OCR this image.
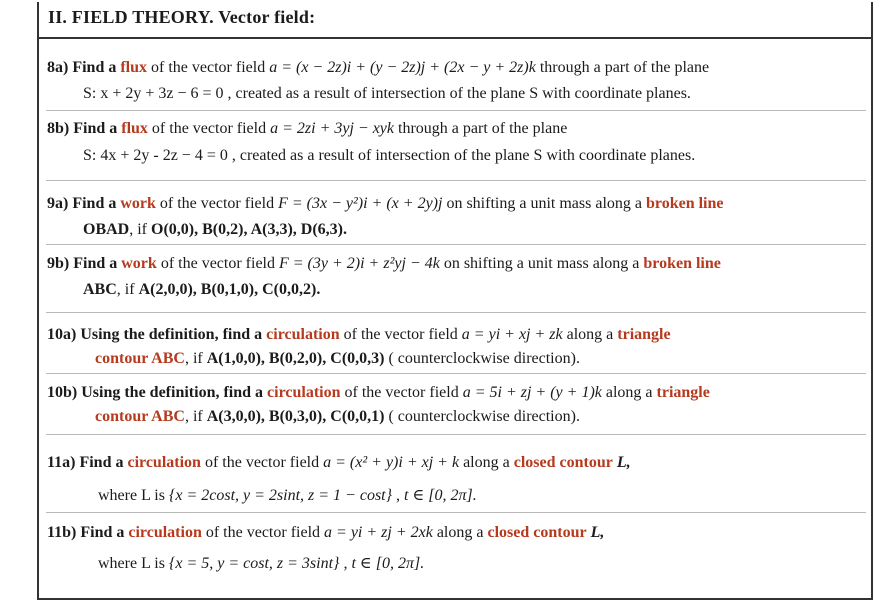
II. FIELD THEORY. Vector field:
8a) Find a flux of the vector field a = (x − 2z)i + (y − 2z)j + (2x − y + 2z)k through a part of the plane
S: x + 2y + 3z − 6 = 0 , created as a result of intersection of the plane S with coordinate planes.
8b) Find a flux of the vector field a = 2zi + 3yj − xyk through a part of the plane
S: 4x + 2y - 2z − 4 = 0 , created as a result of intersection of the plane S with coordinate planes.
9a) Find a work of the vector field F = (3x − y²)i + (x + 2y)j on shifting a unit mass along a broken line
OBAD, if O(0,0), B(0,2), A(3,3), D(6,3).
9b) Find a work of the vector field F = (3y + 2)i + z²yj − 4k on shifting a unit mass along a broken line
ABC, if A(2,0,0), B(0,1,0), C(0,0,2).
10a) Using the definition, find a circulation of the vector field a = yi + xj + zk along a triangle
contour ABC, if A(1,0,0), B(0,2,0), C(0,0,3) ( counterclockwise direction).
10b) Using the definition, find a circulation of the vector field a = 5i + zj + (y + 1)k along a triangle
contour ABC, if A(3,0,0), B(0,3,0), C(0,0,1) ( counterclockwise direction).
11a) Find a circulation of the vector field a = (x² + y)i + xj + k along a closed contour L,
where L is {x = 2cost, y = 2sint, z = 1 − cost} , t ∈ [0, 2π].
11b) Find a circulation of the vector field a = yi + zj + 2xk along a closed contour L,
where L is {x = 5, y = cost, z = 3sint} , t ∈ [0, 2π].
